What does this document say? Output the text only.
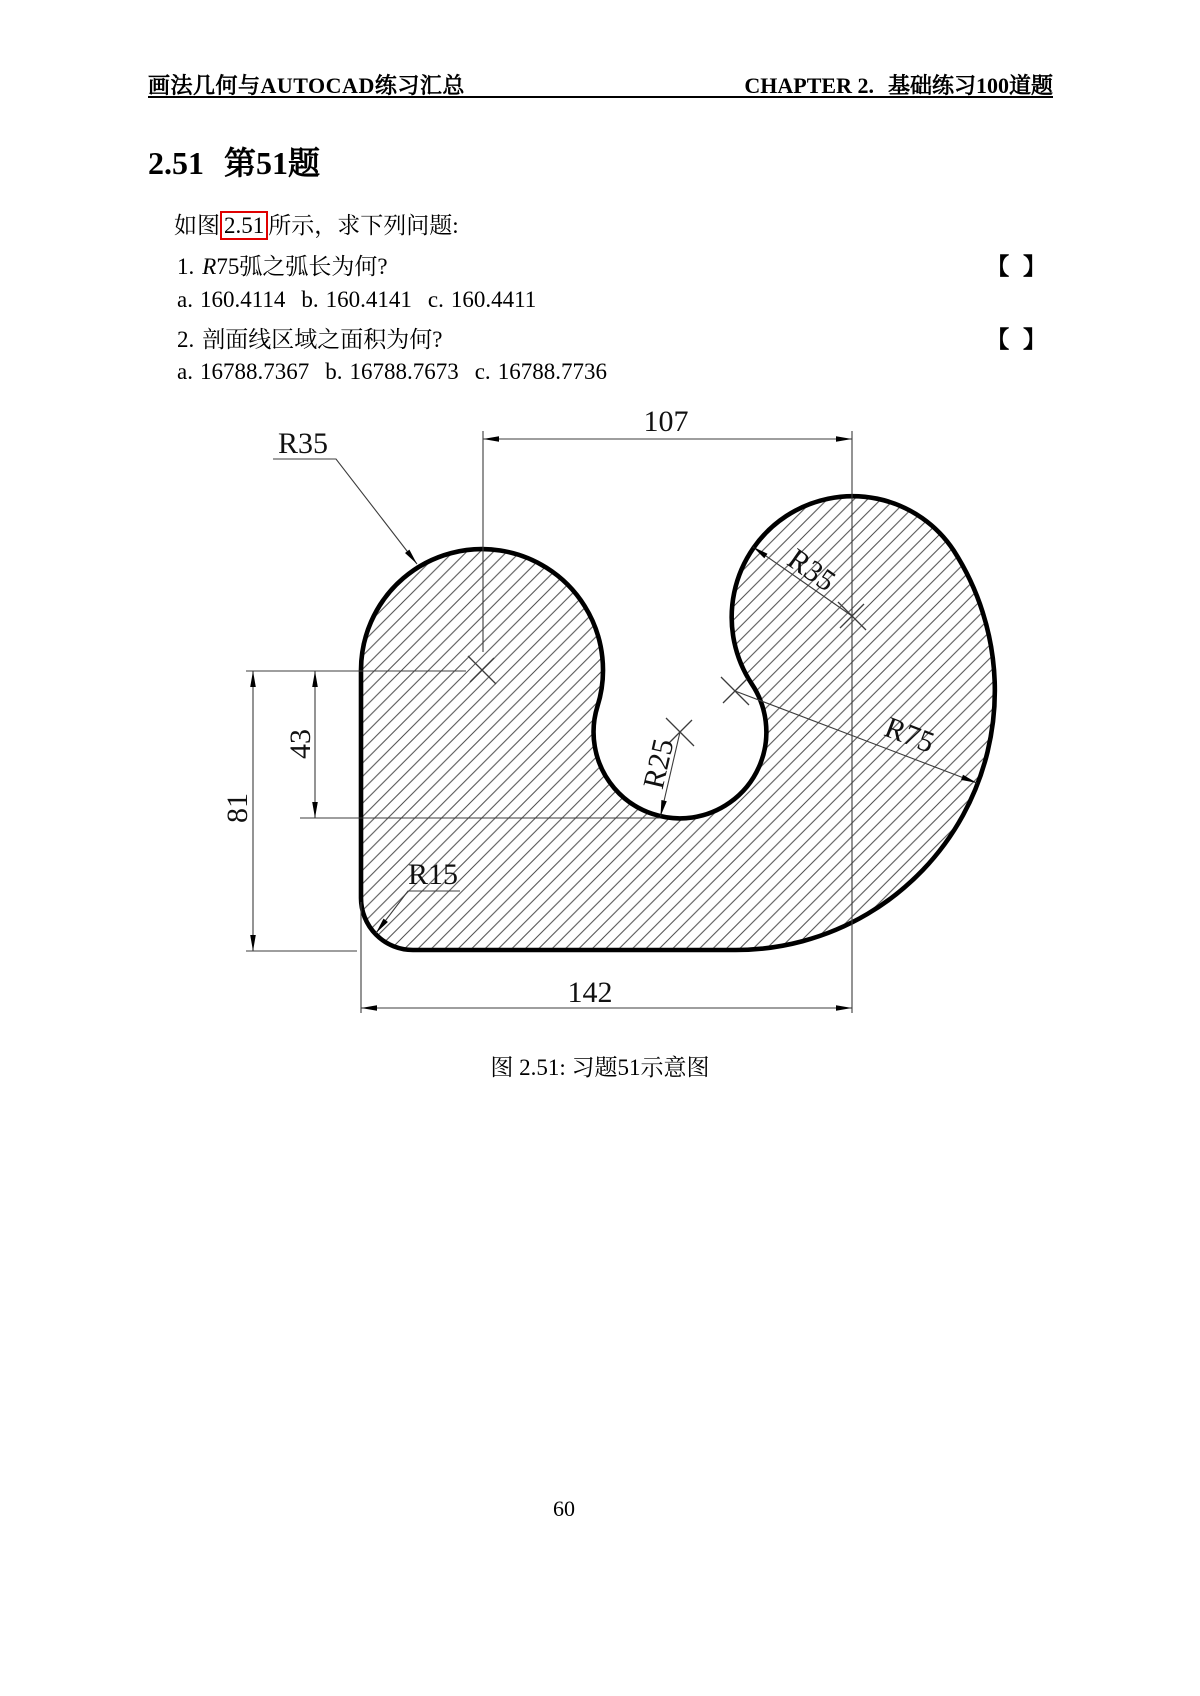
画法几何与AUTOCAD练习汇总	CHAPTER 2. 基础练习100道题
2.51 第51题
如图 2.51 所示，求下列问题:
1. R75弧之弧长为何?	【 】
a. 160.4114 b. 160.4141 c. 160.4411
2. 剖面线区域之面积为何?	【 】
a. 16788.7367 b. 16788.7673 c. 16788.7736
107
142
81
43
R35
R15
R35
R25
R75
图 2.51: 习题51示意图
60
